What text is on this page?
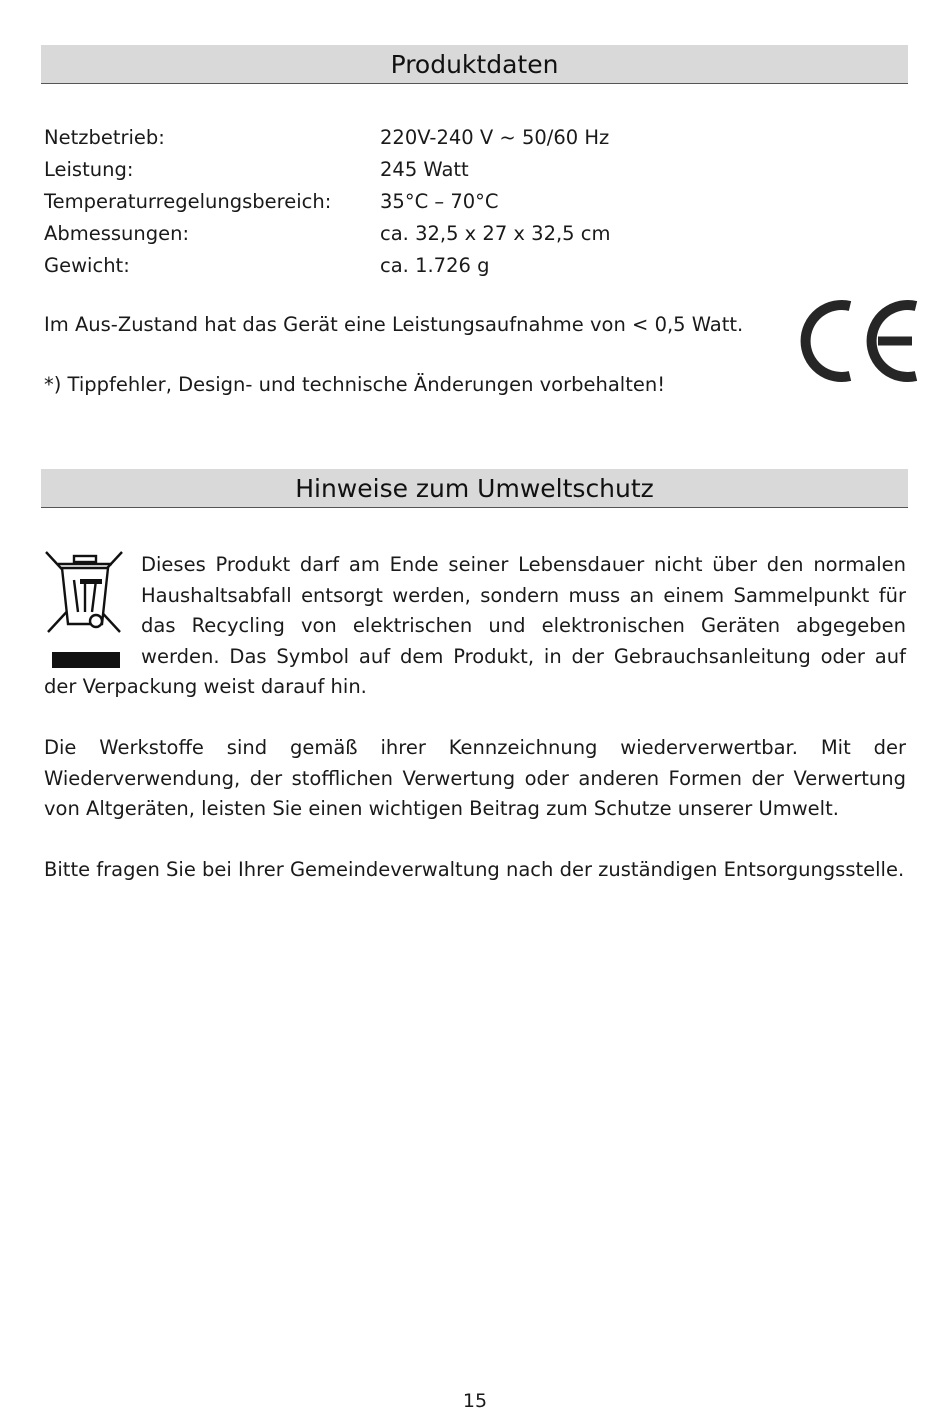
Produktdaten
Netzbetrieb:	220V-240 V ~ 50/60 Hz
Leistung:	245 Watt
Temperaturregelungsbereich: 35°C – 70°C
Abmessungen:	ca. 32,5 x 27 x 32,5 cm
Gewicht:	ca. 1.726 g
Im Aus-Zustand hat das Gerät eine Leistungsaufnahme von < 0,5 Watt.
*) Tippfehler, Design- und technische Änderungen vorbehalten!
Hinweise zum Umweltschutz
Dieses Produkt darf am Ende seiner Lebensdauer nicht über den normalen Haushaltsabfall entsorgt werden, sondern muss an einem Sammelpunkt für das Recycling von elektrischen und elektronischen Geräten abgegeben werden. Das Symbol auf dem Produkt, in der Gebrauchsanleitung oder auf der Verpackung weist darauf hin.
Die Werkstoffe sind gemäß ihrer Kennzeichnung wiederverwertbar. Mit der Wiederverwendung, der stofflichen Verwertung oder anderen Formen der Verwertung von Altgeräten, leisten Sie einen wichtigen Beitrag zum Schutze unserer Umwelt.
Bitte fragen Sie bei Ihrer Gemeindeverwaltung nach der zuständigen Entsorgungsstelle.
15
